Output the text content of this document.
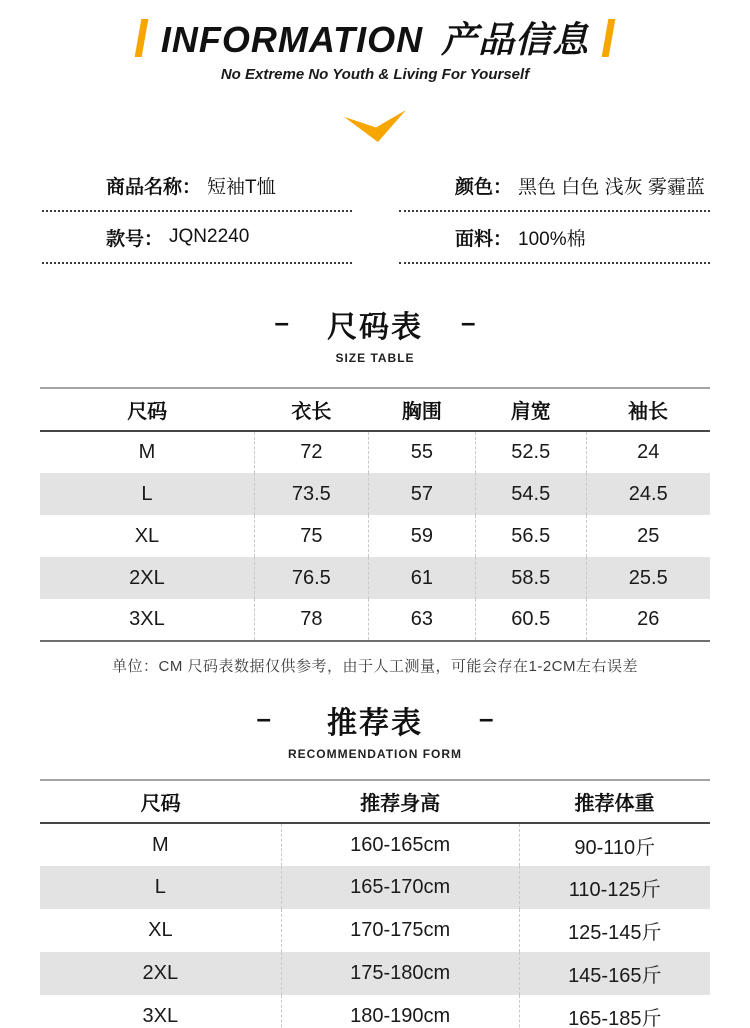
INFORMATION 产品信息
No Extreme No Youth & Living For Yourself
商品名称： 短袖T恤	颜色： 黑色 白色 浅灰 雾霾蓝
款号： JQN2240	面料： 100%棉
– 尺码表 –
SIZE TABLE
尺码	衣长	胸围	肩宽	袖长
M	72	55	52.5	24
L	73.5	57	54.5	24.5
XL	75	59	56.5	25
2XL	76.5	61	58.5	25.5
3XL	78	63	60.5	26
单位：CM 尺码表数据仅供参考，由于人工测量，可能会存在1-2CM左右误差
– 推荐表 –
RECOMMENDATION FORM
尺码	推荐身高	推荐体重
M	160-165cm	90-110斤
L	165-170cm	110-125斤
XL	170-175cm	125-145斤
2XL	175-180cm	145-165斤
3XL	180-190cm	165-185斤
